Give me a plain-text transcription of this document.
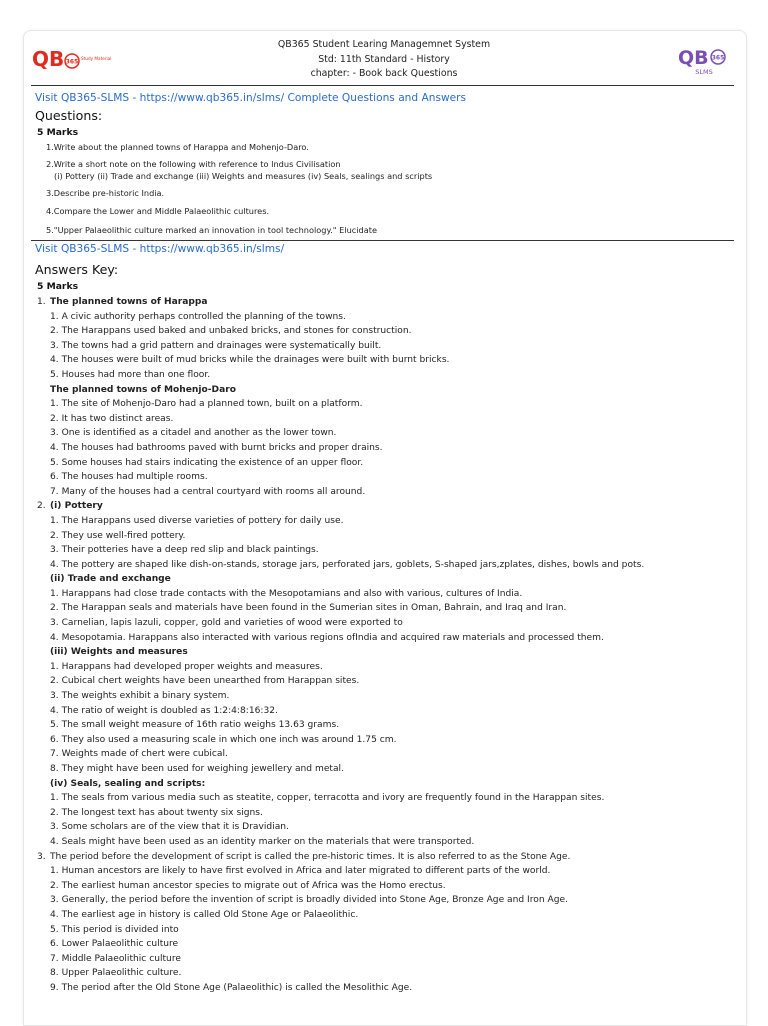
QB 365 Study Material
QB365 Student Learing Managemnet System
Std: 11th Standard - History
chapter: - Book back Questions
QB 365
SLMS
Visit QB365-SLMS - https://www.qb365.in/slms/ Complete Questions and Answers
Questions:
5 Marks
1.Write about the planned towns of Harappa and Mohenjo-Daro.
2.Write a short note on the following with reference to Indus Civilisation
(i) Pottery (ii) Trade and exchange (iii) Weights and measures (iv) Seals, sealings and scripts
3.Describe pre-historic India.
4.Compare the Lower and Middle Palaeolithic cultures.
5."Upper Palaeolithic culture marked an innovation in tool technology." Elucidate
Visit QB365-SLMS - https://www.qb365.in/slms/
Answers Key:
5 Marks
1. The planned towns of Harappa
1. A civic authority perhaps controlled the planning of the towns.
2. The Harappans used baked and unbaked bricks, and stones for construction.
3. The towns had a grid pattern and drainages were systematically built.
4. The houses were built of mud bricks while the drainages were built with burnt bricks.
5. Houses had more than one floor.
The planned towns of Mohenjo-Daro
1. The site of Mohenjo-Daro had a planned town, built on a platform.
2. It has two distinct areas.
3. One is identified as a citadel and another as the lower town.
4. The houses had bathrooms paved with burnt bricks and proper drains.
5. Some houses had stairs indicating the existence of an upper floor.
6. The houses had multiple rooms.
7. Many of the houses had a central courtyard with rooms all around.
2. (i) Pottery
1. The Harappans used diverse varieties of pottery for daily use.
2. They use well-fired pottery.
3. Their potteries have a deep red slip and black paintings.
4. The pottery are shaped like dish-on-stands, storage jars, perforated jars, goblets, S-shaped jars,zplates, dishes, bowls and pots.
(ii) Trade and exchange
1. Harappans had close trade contacts with the Mesopotamians and also with various, cultures of India.
2. The Harappan seals and materials have been found in the Sumerian sites in Oman, Bahrain, and Iraq and Iran.
3. Carnelian, lapis lazuli, copper, gold and varieties of wood were exported to
4. Mesopotamia. Harappans also interacted with various regions ofIndia and acquired raw materials and processed them.
(iii) Weights and measures
1. Harappans had developed proper weights and measures.
2. Cubical chert weights have been unearthed from Harappan sites.
3. The weights exhibit a binary system.
4. The ratio of weight is doubled as 1:2:4:8:16:32.
5. The small weight measure of 16th ratio weighs 13.63 grams.
6. They also used a measuring scale in which one inch was around 1.75 cm.
7. Weights made of chert were cubical.
8. They might have been used for weighing jewellery and metal.
(iv) Seals, sealing and scripts:
1. The seals from various media such as steatite, copper, terracotta and ivory are frequently found in the Harappan sites.
2. The longest text has about twenty six signs.
3. Some scholars are of the view that it is Dravidian.
4. Seals might have been used as an identity marker on the materials that were transported.
3. The period before the development of script is called the pre-historic times. It is also referred to as the Stone Age.
1. Human ancestors are likely to have first evolved in Africa and later migrated to different parts of the world.
2. The earliest human ancestor species to migrate out of Africa was the Homo erectus.
3. Generally, the period before the invention of script is broadly divided into Stone Age, Bronze Age and Iron Age.
4. The earliest age in history is called Old Stone Age or Palaeolithic.
5. This period is divided into
6. Lower Palaeolithic culture
7. Middle Palaeolithic culture
8. Upper Palaeolithic culture.
9. The period after the Old Stone Age (Palaeolithic) is called the Mesolithic Age.
